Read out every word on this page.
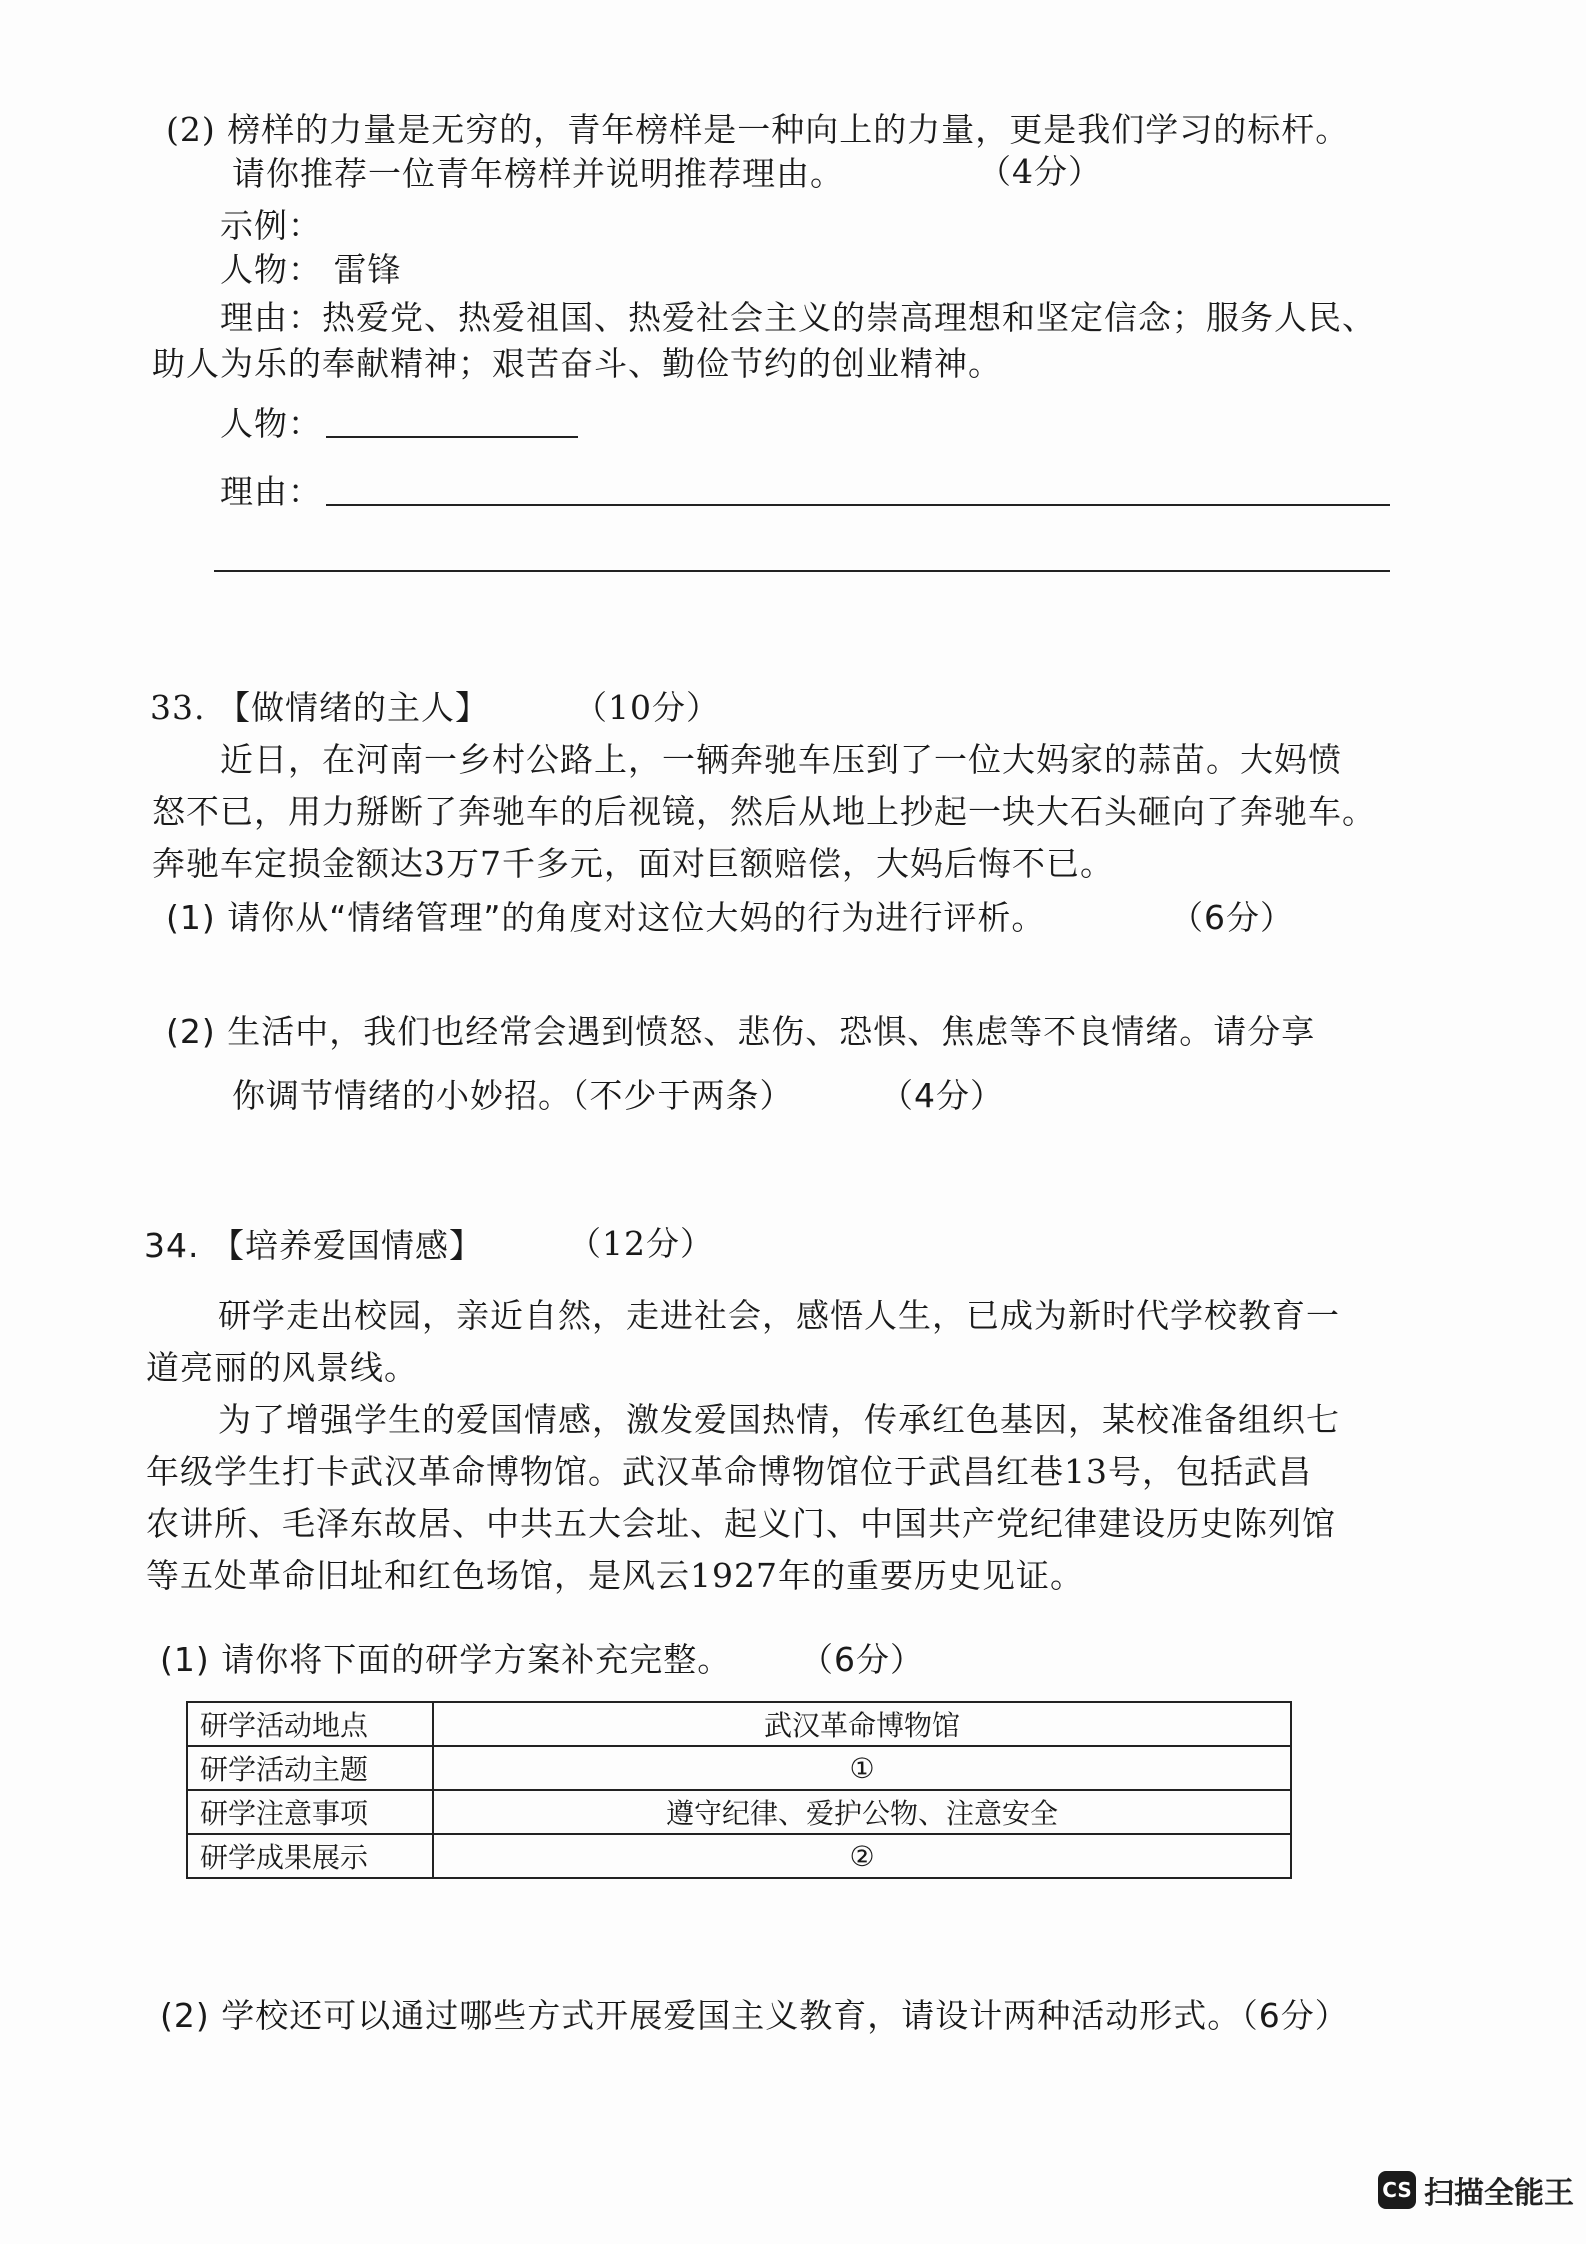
(2) 榜样的力量是无穷的，青年榜样是一种向上的力量，更是我们学习的标杆。
请你推荐一位青年榜样并说明推荐理由。	（4分）
示例：
人物： 雷锋
理由：热爱党、热爱祖国、热爱社会主义的崇高理想和坚定信念；服务人民、
助人为乐的奉献精神；艰苦奋斗、勤俭节约的创业精神。
人物：
理由：
33. 【做情绪的主人】	（10分）
近日，在河南一乡村公路上，一辆奔驰车压到了一位大妈家的蒜苗。大妈愤
怒不已，用力掰断了奔驰车的后视镜，然后从地上抄起一块大石头砸向了奔驰车。
奔驰车定损金额达3万7千多元，面对巨额赔偿，大妈后悔不已。
(1) 请你从“情绪管理”的角度对这位大妈的行为进行评析。	（6分）
(2) 生活中，我们也经常会遇到愤怒、悲伤、恐惧、焦虑等不良情绪。请分享
你调节情绪的小妙招。（不少于两条）	（4分）
34. 【培养爱国情感】	（12分）
研学走出校园，亲近自然，走进社会，感悟人生，已成为新时代学校教育一
道亮丽的风景线。
为了增强学生的爱国情感，激发爱国热情，传承红色基因，某校准备组织七
年级学生打卡武汉革命博物馆。武汉革命博物馆位于武昌红巷13号，包括武昌
农讲所、毛泽东故居、中共五大会址、起义门、中国共产党纪律建设历史陈列馆
等五处革命旧址和红色场馆，是风云1927年的重要历史见证。
(1) 请你将下面的研学方案补充完整。 （6分）
研学活动地点	武汉革命博物馆
研学活动主题	①
研学注意事项	遵守纪律、爱护公物、注意安全
研学成果展示	②
(2) 学校还可以通过哪些方式开展爱国主义教育，请设计两种活动形式。（6分）
CS 扫描全能王
